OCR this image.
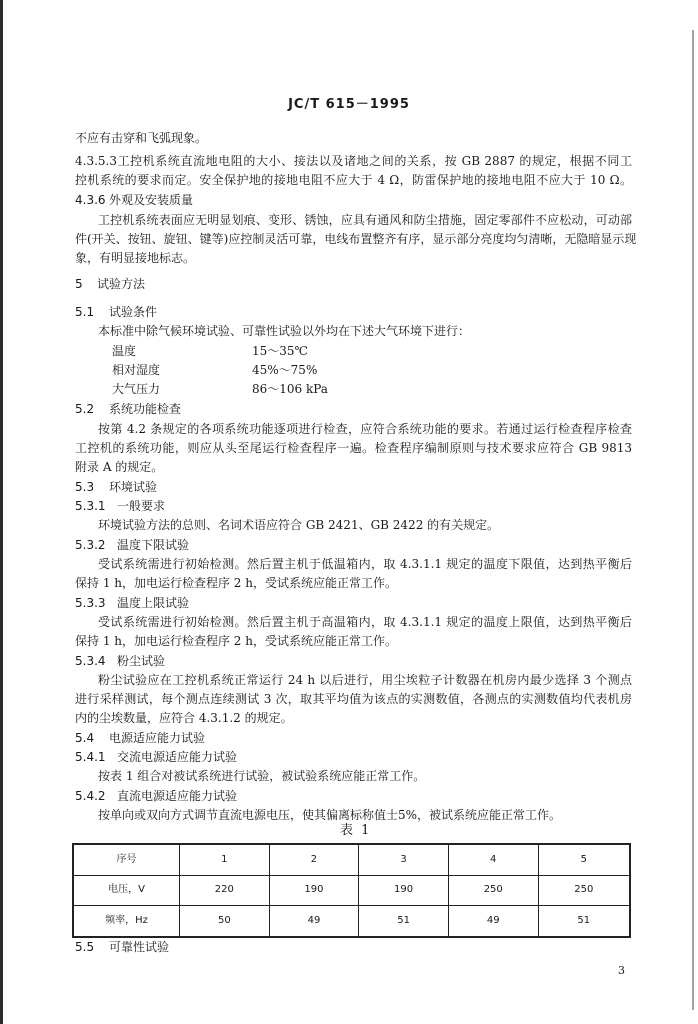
JC/T 615－1995
不应有击穿和飞弧现象。
4.3.5.3工控机系统直流地电阻的大小、接法以及诸地之间的关系，按 GB 2887 的规定，根据不同工
控机系统的要求而定。安全保护地的接地电阻不应大于 4 Ω，防雷保护地的接地电阻不应大于 10 Ω。
4.3.6 外观及安装质量
工控机系统表面应无明显划痕、变形、锈蚀，应具有通风和防尘措施，固定零部件不应松动，可动部
件(开关、按钮、旋钮、键等)应控制灵活可靠，电线布置整齐有序，显示部分亮度均匀清晰，无隐暗显示现
象，有明显接地标志。
5 试验方法
5.1 试验条件
本标准中除气候环境试验、可靠性试验以外均在下述大气环境下进行：
温度	15～35℃
相对湿度	45%～75%
大气压力	86～106 kPa
5.2 系统功能检查
按第 4.2 条规定的各项系统功能逐项进行检查，应符合系统功能的要求。若通过运行检查程序检查
工控机的系统功能，则应从头至尾运行检查程序一遍。检查程序编制原则与技术要求应符合 GB 9813
附录 A 的规定。
5.3 环境试验
5.3.1 一般要求
环境试验方法的总则、名词术语应符合 GB 2421、GB 2422 的有关规定。
5.3.2 温度下限试验
受试系统需进行初始检测。然后置主机于低温箱内，取 4.3.1.1 规定的温度下限值，达到热平衡后
保持 1 h，加电运行检查程序 2 h，受试系统应能正常工作。
5.3.3 温度上限试验
受试系统需进行初始检测。然后置主机于高温箱内，取 4.3.1.1 规定的温度上限值，达到热平衡后
保持 1 h，加电运行检查程序 2 h，受试系统应能正常工作。
5.3.4 粉尘试验
粉尘试验应在工控机系统正常运行 24 h 以后进行，用尘埃粒子计数器在机房内最少选择 3 个测点
进行采样测试，每个测点连续测试 3 次，取其平均值为该点的实测数值，各测点的实测数值均代表机房
内的尘埃数量，应符合 4.3.1.2 的规定。
5.4 电源适应能力试验
5.4.1 交流电源适应能力试验
按表 1 组合对被试系统进行试验，被试验系统应能正常工作。
5.4.2 直流电源适应能力试验
按单向或双向方式调节直流电源电压，使其偏离标称值士5%，被试系统应能正常工作。
表 1
序号	1	2	3	4	5
电压，V	220	190	190	250	250
频率，Hz	50	49	51	49	51
5.5 可靠性试验
3
